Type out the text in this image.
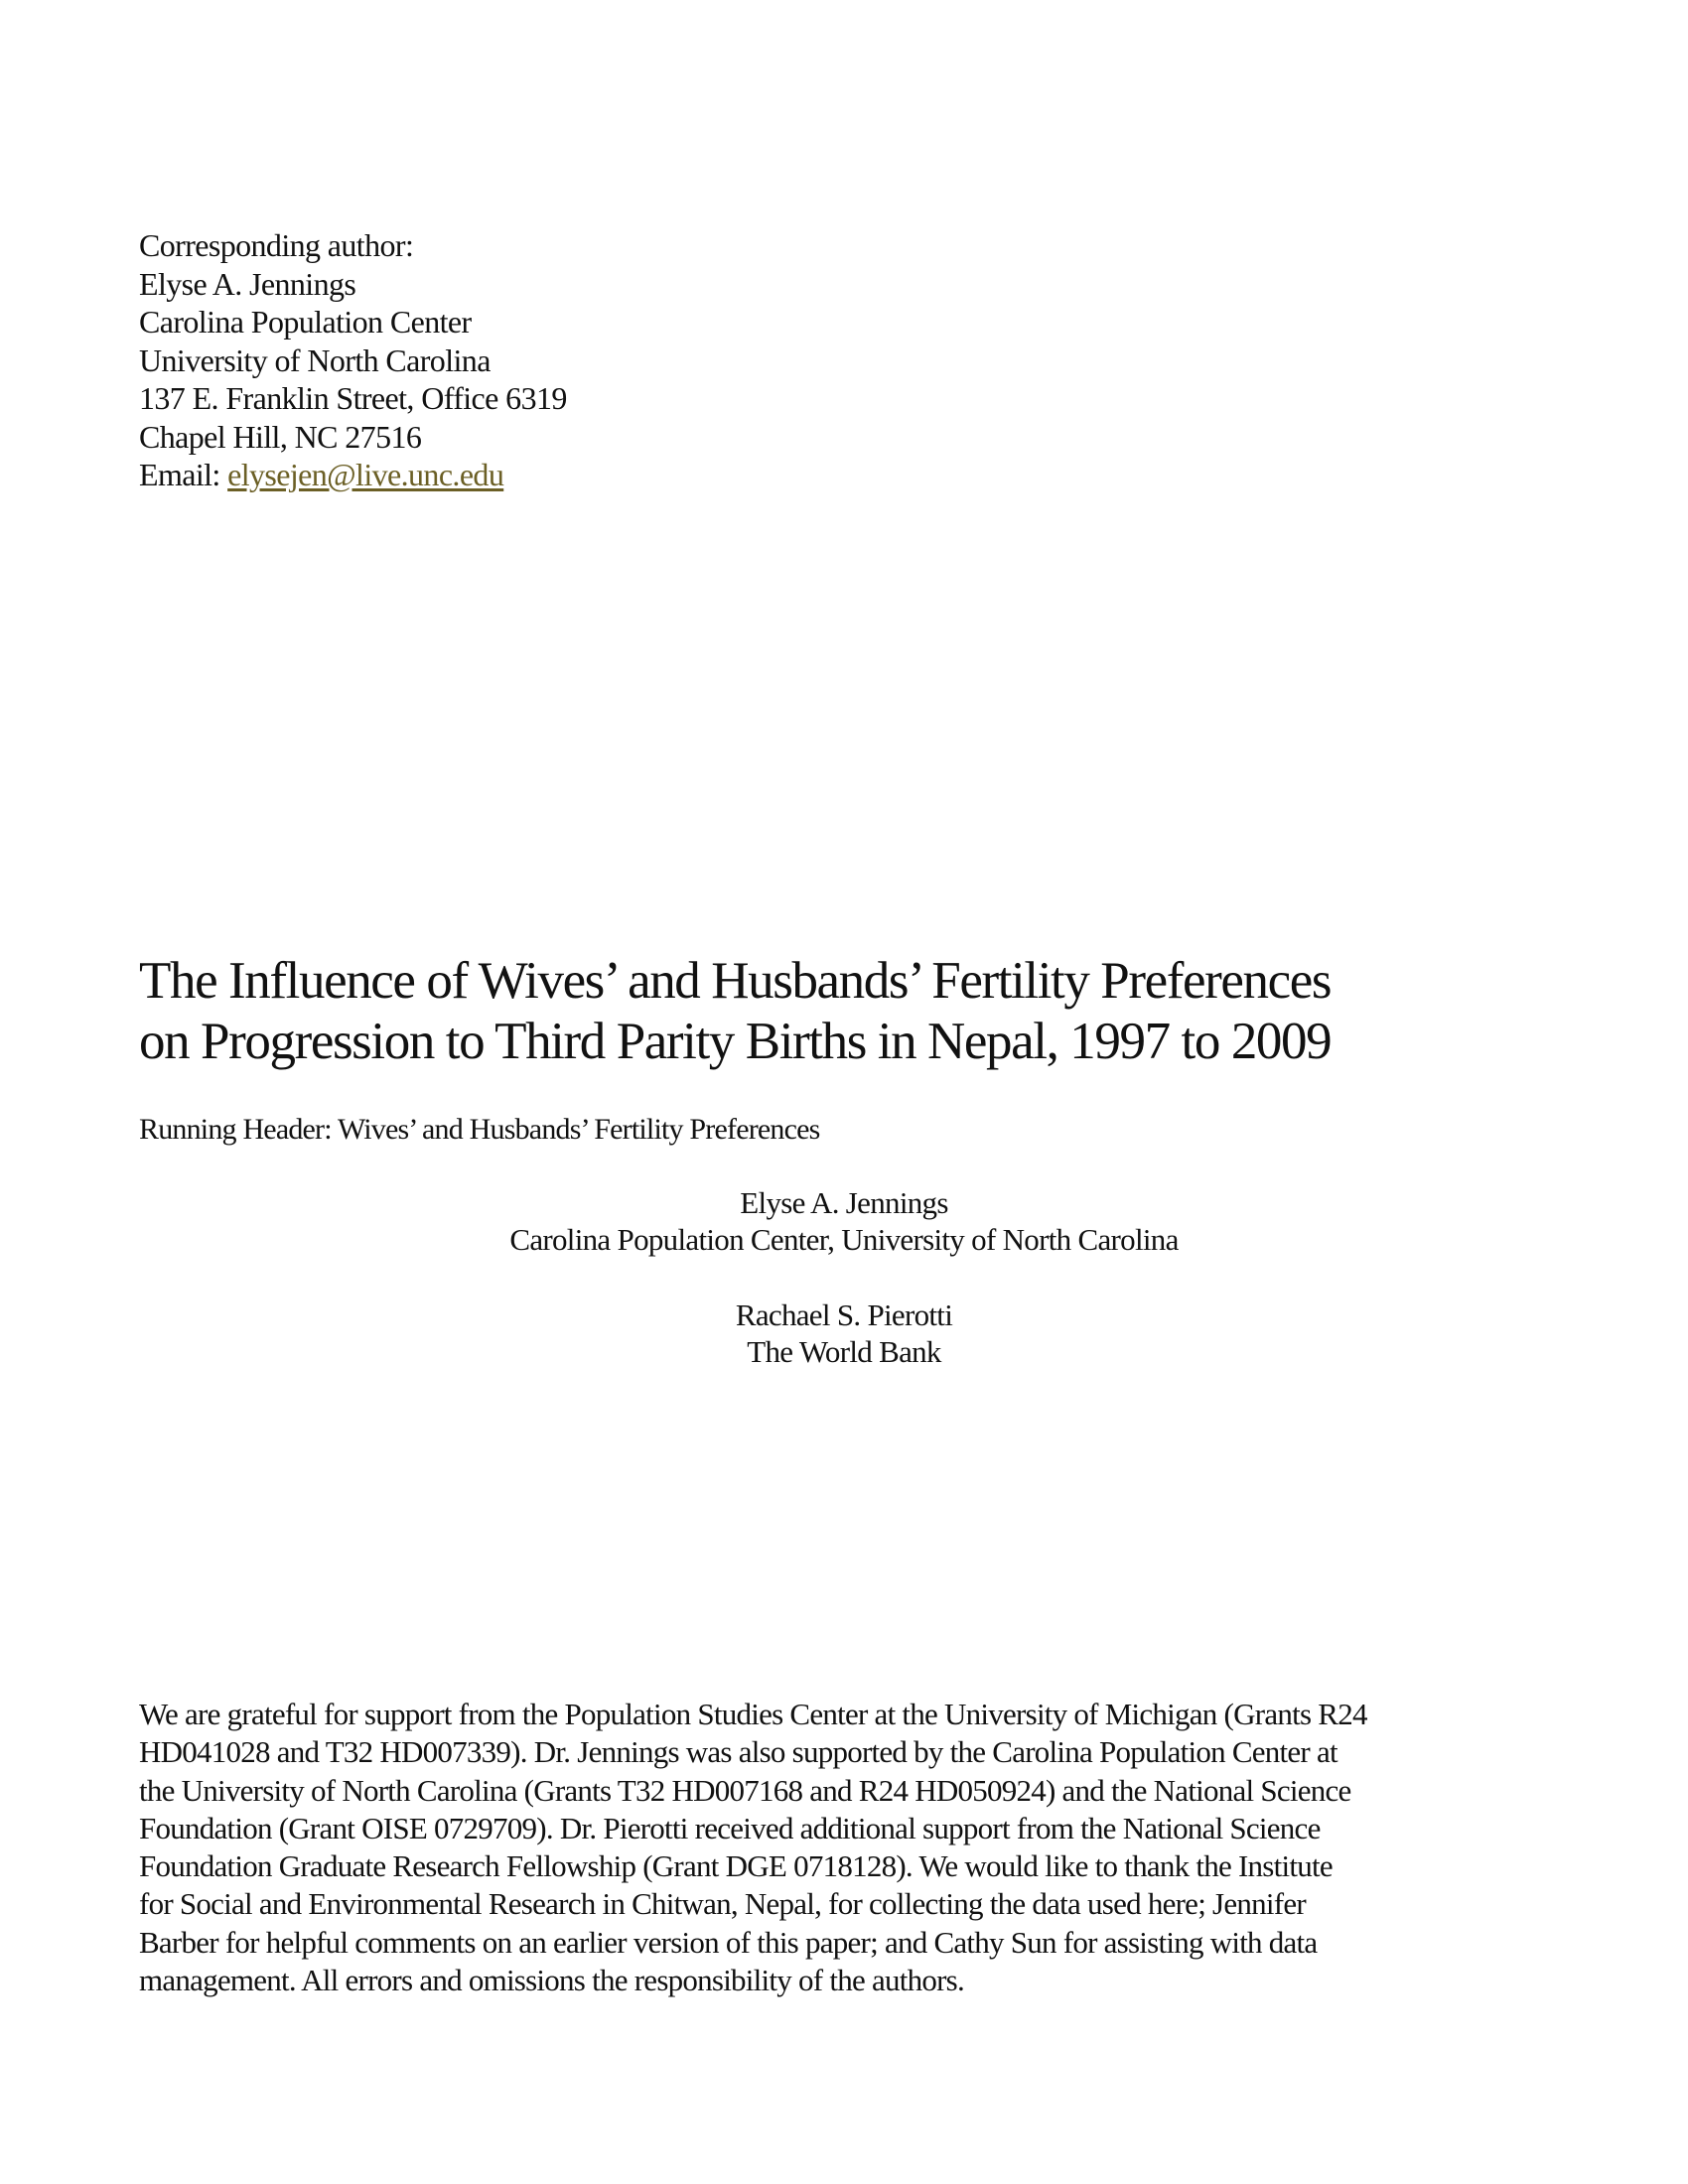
Corresponding author:
Elyse A. Jennings
Carolina Population Center
University of North Carolina
137 E. Franklin Street, Office 6319
Chapel Hill, NC 27516
Email: elysejen@live.unc.edu
The Influence of Wives’ and Husbands’ Fertility Preferences
on Progression to Third Parity Births in Nepal, 1997 to 2009
Running Header: Wives’ and Husbands’ Fertility Preferences
Elyse A. Jennings
Carolina Population Center, University of North Carolina
Rachael S. Pierotti
The World Bank
We are grateful for support from the Population Studies Center at the University of Michigan (Grants R24
HD041028 and T32 HD007339). Dr. Jennings was also supported by the Carolina Population Center at
the University of North Carolina (Grants T32 HD007168 and R24 HD050924) and the National Science
Foundation (Grant OISE 0729709). Dr. Pierotti received additional support from the National Science
Foundation Graduate Research Fellowship (Grant DGE 0718128). We would like to thank the Institute
for Social and Environmental Research in Chitwan, Nepal, for collecting the data used here; Jennifer
Barber for helpful comments on an earlier version of this paper; and Cathy Sun for assisting with data
management. All errors and omissions the responsibility of the authors.
